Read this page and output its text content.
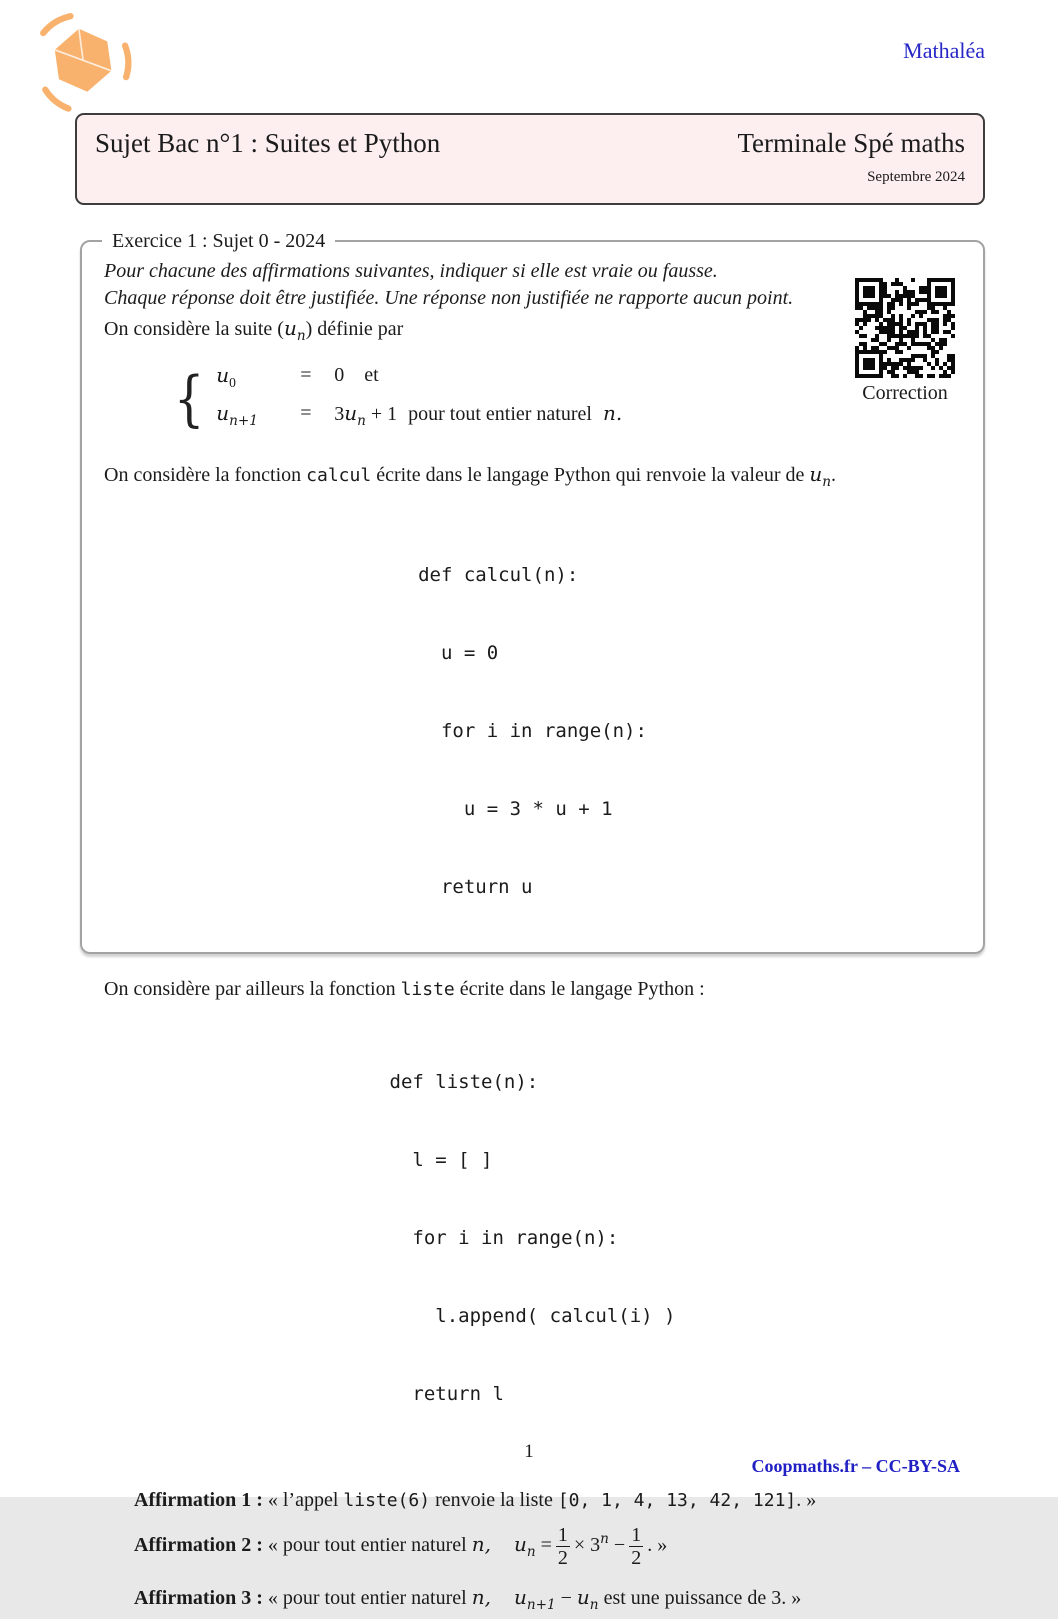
Mathaléa
Sujet Bac n°1 : Suites et Python	Terminale Spé maths
Septembre 2024
Exercice 1 : Sujet 0 - 2024
Correction

Pour chacune des affirmations suivantes, indiquer si elle est vraie ou fausse.

Chaque réponse doit être justifiée. Une réponse non justifiée ne rapporte aucun point.

On considère la suite $(u_n)$ définie par
{ $u_0$	=	0 et
$u_{n+1}$	=	$3u_n + 1$ pour tout entier naturel n.
On considère la fonction calcul écrite dans le langage Python qui renvoie la valeur de $u_n$.

def calcul(n):

u = 0

for i in range(n):

u = 3 * u + 1

return u

On considère par ailleurs la fonction liste écrite dans le langage Python :

def liste(n):

l = [ ]

for i in range(n):

l.append( calcul(i) )

return l

Affirmation 1 : « l’appel liste(6) renvoie la liste [0, 1, 4, 13, 42, 121]. »
Affirmation 2 : « pour tout entier naturel n, $u_n = \frac{1}{2} \times 3^n - \frac{1}{2}$ . »
Affirmation 3 : « pour tout entier naturel n, $u_{n+1} - u_n$ est une puissance de 3. »
1
Coopmaths.fr – CC-BY-SA
